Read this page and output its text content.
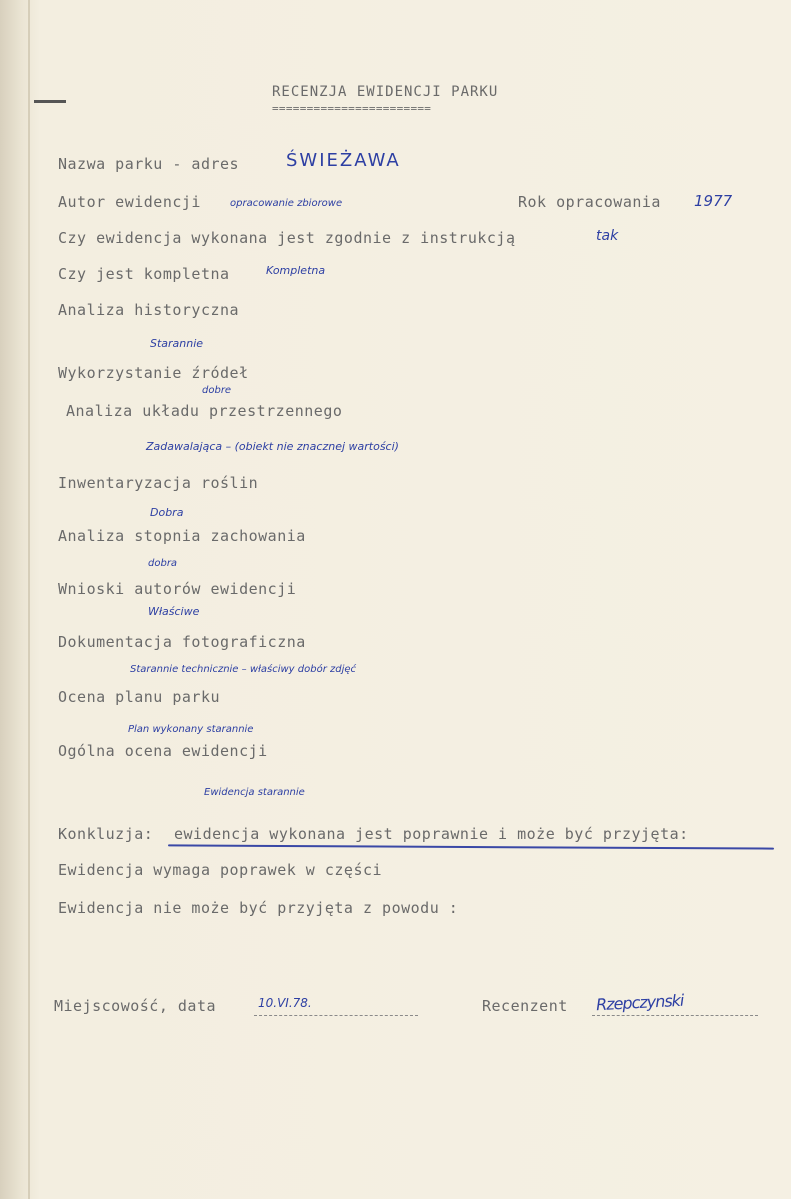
RECENZJA EWIDENCJI PARKU
=======================
Nazwa parku - adres	ŚWIEŻAWA
Autor ewidencji	opracowanie zbiorowe	Rok opracowania 1977
Czy ewidencja wykonana jest zgodnie z instrukcją	tak
Czy jest kompletna	Kompletna
Analiza historyczna
Starannie
Wykorzystanie źródeł
dobre
Analiza układu przestrzennego
Zadawalająca – (obiekt nie znacznej wartości)
Inwentaryzacja roślin
Dobra
Analiza stopnia zachowania
dobra
Wnioski autorów ewidencji
Właściwe
Dokumentacja fotograficzna
Starannie technicznie – właściwy dobór zdjęć
Ocena planu parku
Plan wykonany starannie
Ogólna ocena ewidencji
Ewidencja starannie
Konkluzja: ewidencja wykonana jest poprawnie i może być przyjęta:
Ewidencja wymaga poprawek w części
Ewidencja nie może być przyjęta z powodu :
Miejscowość, data	10.VI.78.	Recenzent Rzepczynski
